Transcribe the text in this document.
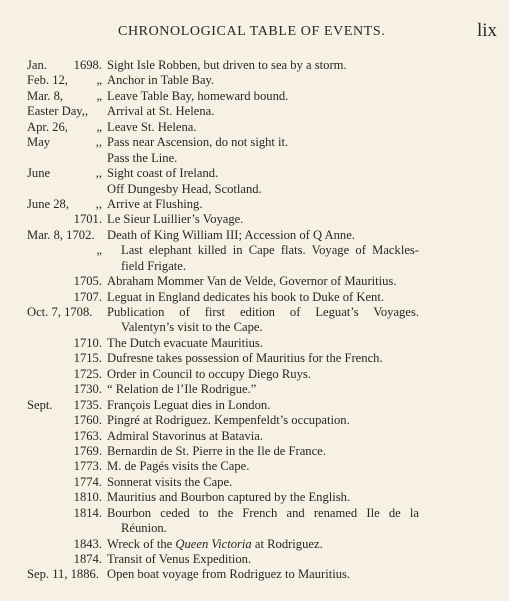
CHRONOLOGICAL TABLE OF EVENTS.	lix
Jan. 1698. Sight Isle Robben, but driven to sea by a storm.
Feb. 12, „ Anchor in Table Bay.
Mar. 8,	„ Leave Table Bay, homeward bound.
Easter Day,, Arrival at St. Helena.
Apr. 26, „ Leave St. Helena.
May	,, Pass near Ascension, do not sight it.
Pass the Line.
June	,, Sight coast of Ireland.
Off Dungesby Head, Scotland.
June 28, ,, Arrive at Flushing.
1701. Le Sieur Luillier’s Voyage.
Mar. 8, 1702. Death of King William III; Accession of Q Anne.
„ Last elephant killed in Cape flats. Voyage of Mackles-
field Frigate.
1705. Abraham Mommer Van de Velde, Governor of Mauritius.
1707. Leguat in England dedicates his book to Duke of Kent.
Oct. 7, 1708. Publication of first edition of Leguat’s Voyages.
Valentyn’s visit to the Cape.
1710. The Dutch evacuate Mauritius.
1715. Dufresne takes possession of Mauritius for the French.
1725. Order in Council to occupy Diego Ruys.
1730. “ Relation de l’Ile Rodrigue.”
Sept. 1735. François Leguat dies in London.
1760. Pingré at Rodriguez. Kempenfeldt’s occupation.
1763. Admiral Stavorinus at Batavia.
1769. Bernardin de St. Pierre in the Ile de France.
1773. M. de Pagés visits the Cape.
1774. Sonnerat visits the Cape.
1810. Mauritius and Bourbon captured by the English.
1814. Bourbon ceded to the French and renamed Ile de la
Réunion.
1843. Wreck of the Queen Victoria at Rodriguez.
1874. Transit of Venus Expedition.
Sep. 11, 1886. Open boat voyage from Rodriguez to Mauritius.
